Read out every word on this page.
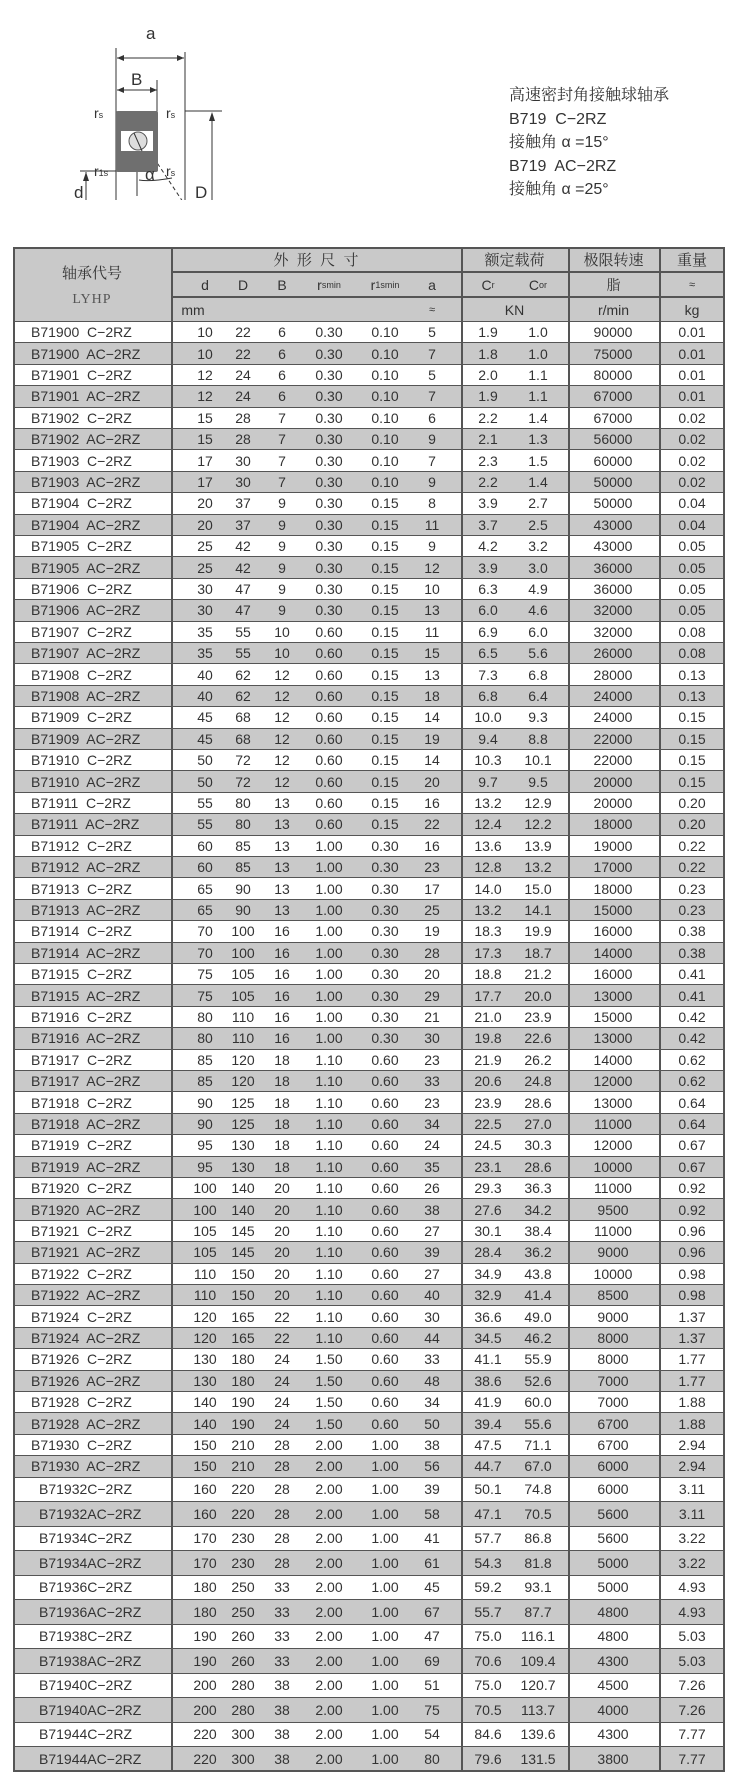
a
B
d	D
α
rs	rs
r1s	rs
高速密封角接触球轴承
B719  C−2RZ
接触角 α =15°
B719  AC−2RZ
接触角 α =25°
外  形  尺  寸	额定载荷	极限转速	重量
轴承代号
LYHP
d D B r smin r 1smin a	C r C or	脂	≈
mm	≈	KN	r/min	kg
B71900  C−2RZ	10	22	6	0.30	0.10	5	1.9	1.0	90000	0.01
B71900  AC−2RZ	10	22	6	0.30	0.10	7	1.8	1.0	75000	0.01
B71901  C−2RZ	12	24	6	0.30	0.10	5	2.0	1.1	80000	0.01
B71901  AC−2RZ	12	24	6	0.30	0.10	7	1.9	1.1	67000	0.01
B71902  C−2RZ	15	28	7	0.30	0.10	6	2.2	1.4	67000	0.02
B71902  AC−2RZ	15	28	7	0.30	0.10	9	2.1	1.3	56000	0.02
B71903  C−2RZ	17	30	7	0.30	0.10	7	2.3	1.5	60000	0.02
B71903  AC−2RZ	17	30	7	0.30	0.10	9	2.2	1.4	50000	0.02
B71904  C−2RZ	20	37	9	0.30	0.15	8	3.9	2.7	50000	0.04
B71904  AC−2RZ	20	37	9	0.30	0.15	11	3.7	2.5	43000	0.04
B71905  C−2RZ	25	42	9	0.30	0.15	9	4.2	3.2	43000	0.05
B71905  AC−2RZ	25	42	9	0.30	0.15	12	3.9	3.0	36000	0.05
B71906  C−2RZ	30	47	9	0.30	0.15	10	6.3	4.9	36000	0.05
B71906  AC−2RZ	30	47	9	0.30	0.15	13	6.0	4.6	32000	0.05
B71907  C−2RZ	35	55	10	0.60	0.15	11	6.9	6.0	32000	0.08
B71907  AC−2RZ	35	55	10	0.60	0.15	15	6.5	5.6	26000	0.08
B71908  C−2RZ	40	62	12	0.60	0.15	13	7.3	6.8	28000	0.13
B71908  AC−2RZ	40	62	12	0.60	0.15	18	6.8	6.4	24000	0.13
B71909  C−2RZ	45	68	12	0.60	0.15	14	10.0	9.3	24000	0.15
B71909  AC−2RZ	45	68	12	0.60	0.15	19	9.4	8.8	22000	0.15
B71910  C−2RZ	50	72	12	0.60	0.15	14	10.3	10.1	22000	0.15
B71910  AC−2RZ	50	72	12	0.60	0.15	20	9.7	9.5	20000	0.15
B71911  C−2RZ	55	80	13	0.60	0.15	16	13.2	12.9	20000	0.20
B71911  AC−2RZ	55	80	13	0.60	0.15	22	12.4	12.2	18000	0.20
B71912  C−2RZ	60	85	13	1.00	0.30	16	13.6	13.9	19000	0.22
B71912  AC−2RZ	60	85	13	1.00	0.30	23	12.8	13.2	17000	0.22
B71913  C−2RZ	65	90	13	1.00	0.30	17	14.0	15.0	18000	0.23
B71913  AC−2RZ	65	90	13	1.00	0.30	25	13.2	14.1	15000	0.23
B71914  C−2RZ	70	100	16	1.00	0.30	19	18.3	19.9	16000	0.38
B71914  AC−2RZ	70	100	16	1.00	0.30	28	17.3	18.7	14000	0.38
B71915  C−2RZ	75	105	16	1.00	0.30	20	18.8	21.2	16000	0.41
B71915  AC−2RZ	75	105	16	1.00	0.30	29	17.7	20.0	13000	0.41
B71916  C−2RZ	80	110	16	1.00	0.30	21	21.0	23.9	15000	0.42
B71916  AC−2RZ	80	110	16	1.00	0.30	30	19.8	22.6	13000	0.42
B71917  C−2RZ	85	120	18	1.10	0.60	23	21.9	26.2	14000	0.62
B71917  AC−2RZ	85	120	18	1.10	0.60	33	20.6	24.8	12000	0.62
B71918  C−2RZ	90	125	18	1.10	0.60	23	23.9	28.6	13000	0.64
B71918  AC−2RZ	90	125	18	1.10	0.60	34	22.5	27.0	11000	0.64
B71919  C−2RZ	95	130	18	1.10	0.60	24	24.5	30.3	12000	0.67
B71919  AC−2RZ	95	130	18	1.10	0.60	35	23.1	28.6	10000	0.67
B71920  C−2RZ	100	140	20	1.10	0.60	26	29.3	36.3	11000	0.92
B71920  AC−2RZ	100	140	20	1.10	0.60	38	27.6	34.2	9500	0.92
B71921  C−2RZ	105	145	20	1.10	0.60	27	30.1	38.4	11000	0.96
B71921  AC−2RZ	105	145	20	1.10	0.60	39	28.4	36.2	9000	0.96
B71922  C−2RZ	110	150	20	1.10	0.60	27	34.9	43.8	10000	0.98
B71922  AC−2RZ	110	150	20	1.10	0.60	40	32.9	41.4	8500	0.98
B71924  C−2RZ	120	165	22	1.10	0.60	30	36.6	49.0	9000	1.37
B71924  AC−2RZ	120	165	22	1.10	0.60	44	34.5	46.2	8000	1.37
B71926  C−2RZ	130	180	24	1.50	0.60	33	41.1	55.9	8000	1.77
B71926  AC−2RZ	130	180	24	1.50	0.60	48	38.6	52.6	7000	1.77
B71928  C−2RZ	140	190	24	1.50	0.60	34	41.9	60.0	7000	1.88
B71928  AC−2RZ	140	190	24	1.50	0.60	50	39.4	55.6	6700	1.88
B71930  C−2RZ	150	210	28	2.00	1.00	38	47.5	71.1	6700	2.94
B71930  AC−2RZ	150	210	28	2.00	1.00	56	44.7	67.0	6000	2.94
B71932C−2RZ	160	220	28	2.00	1.00	39	50.1	74.8	6000	3.11
B71932AC−2RZ	160	220	28	2.00	1.00	58	47.1	70.5	5600	3.11
B71934C−2RZ	170	230	28	2.00	1.00	41	57.7	86.8	5600	3.22
B71934AC−2RZ	170	230	28	2.00	1.00	61	54.3	81.8	5000	3.22
B71936C−2RZ	180	250	33	2.00	1.00	45	59.2	93.1	5000	4.93
B71936AC−2RZ	180	250	33	2.00	1.00	67	55.7	87.7	4800	4.93
B71938C−2RZ	190	260	33	2.00	1.00	47	75.0	116.1	4800	5.03
B71938AC−2RZ	190	260	33	2.00	1.00	69	70.6	109.4	4300	5.03
B71940C−2RZ	200	280	38	2.00	1.00	51	75.0	120.7	4500	7.26
B71940AC−2RZ	200	280	38	2.00	1.00	75	70.5	113.7	4000	7.26
B71944C−2RZ	220	300	38	2.00	1.00	54	84.6	139.6	4300	7.77
B71944AC−2RZ	220	300	38	2.00	1.00	80	79.6	131.5	3800	7.77
